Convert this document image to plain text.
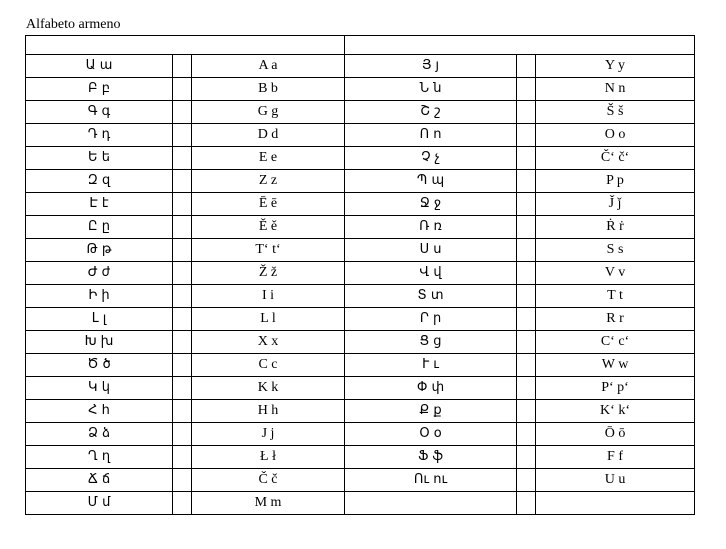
Alfabeto armeno

Ա ա		A a	Յ յ		Y y
Բ բ		B b	Ն ն		N n
Գ գ		G g	Շ շ		Š š
Դ դ		D d	Ո ո		O o
Ե ե		E e	Չ չ		Č‘ č‘
Զ զ		Z z	Պ պ		P p
Է է		Ē ē	Ջ ջ		J̌ ǰ
Ը ը		Ě ě	Ռ ռ		Ṙ ṙ
Թ թ		T‘ t‘	Ս ս		S s
Ժ ժ		Ž ž	Վ վ		V v
Ի ի		I i	Տ տ		T t
Լ լ		L l	Ր ր		R r
Խ խ		X x	Ց ց		C‘ c‘
Ծ ծ		C c	Ւ ւ		W w
Կ կ		K k	Փ փ		P‘ p‘
Հ հ		H h	Ք ք		K‘ k‘
Ձ ձ		J j	Օ օ		Ō ō
Ղ ղ		Ł ł	Ֆ ֆ		F f
Ճ ճ		Č č	Ու ու		U u
Մ մ		M m			
